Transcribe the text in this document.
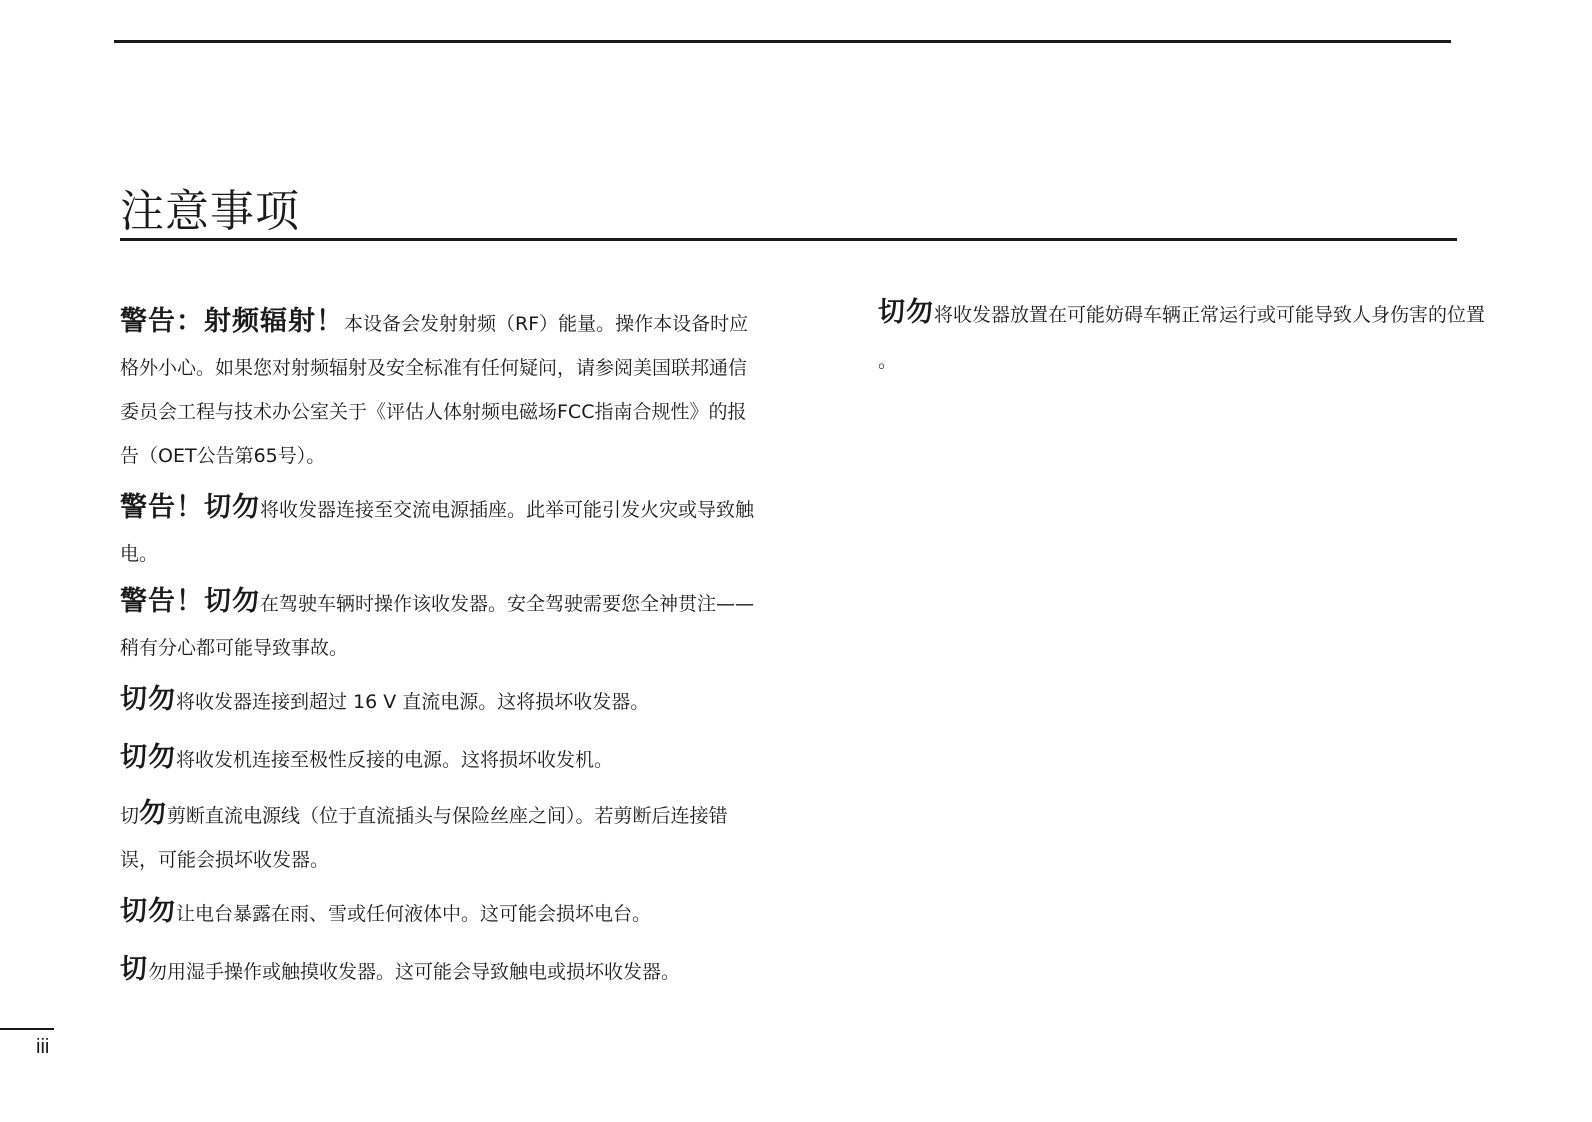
注意事项

警告：射频辐射！本设备会发射射频（RF）能量。操作本设备时应格外小心。如果您对射频辐射及安全标准有任何疑问，请参阅美国联邦通信委员会工程与技术办公室关于《评估人体射频电磁场FCC指南合规性》的报告（OET公告第65号）。

警告！切勿将收发器连接至交流电源插座。此举可能引发火灾或导致触电。

警告！切勿在驾驶车辆时操作该收发器。安全驾驶需要您全神贯注——稍有分心都可能导致事故。

切勿将收发器连接到超过 16 V 直流电源。这将损坏收发器。

切勿将收发机连接至极性反接的电源。这将损坏收发机。

切勿剪断直流电源线（位于直流插头与保险丝座之间）。若剪断后连接错误，可能会损坏收发器。

切勿让电台暴露在雨、雪或任何液体中。这可能会损坏电台。

切勿用湿手操作或触摸收发器。这可能会导致触电或损坏收发器。

切勿将收发器放置在可能妨碍车辆正常运行或可能导致人身伤害的位置

。

iii
